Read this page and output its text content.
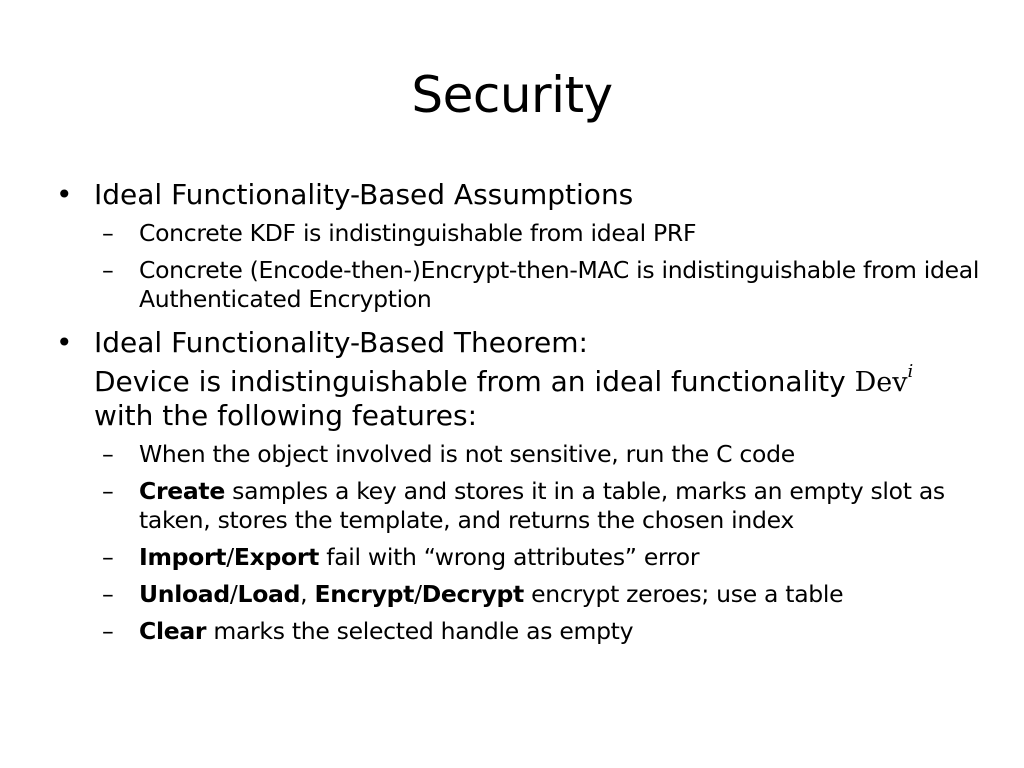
Security
• Ideal Functionality-Based Assumptions
– Concrete KDF is indistinguishable from ideal PRF
– Concrete (Encode-then-)Encrypt-then-MAC is indistinguishable from ideal Authenticated Encryption
• Ideal Functionality-Based Theorem:
Device is indistinguishable from an ideal functionality Dev$^i$
with the following features:
– When the object involved is not sensitive, run the C code
– Create samples a key and stores it in a table, marks an empty slot as taken, stores the template, and returns the chosen index
– Import/Export fail with “wrong attributes” error
– Unload/Load, Encrypt/Decrypt encrypt zeroes; use a table
– Clear marks the selected handle as empty
